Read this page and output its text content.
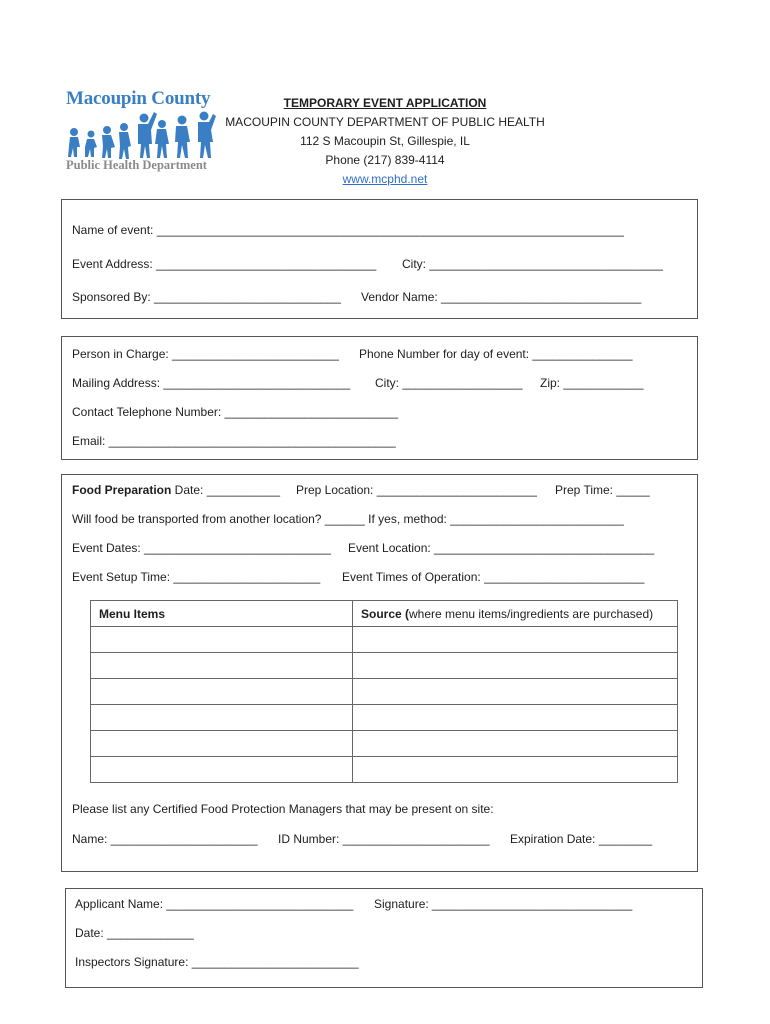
Macoupin County
Public Health Department
TEMPORARY EVENT APPLICATION
MACOUPIN COUNTY DEPARTMENT OF PUBLIC HEALTH
112 S Macoupin St, Gillespie, IL
Phone (217) 839-4114
www.mcphd.net
Name of event: ______________________________________________________________________
Event Address: _________________________________ City: ___________________________________
Sponsored By: ____________________________ Vendor Name: ______________________________
Person in Charge: _________________________ Phone Number for day of event: _______________
Mailing Address: ____________________________ City: __________________ Zip: ____________
Contact Telephone Number: __________________________
Email: ___________________________________________
Food Preparation Date: ___________ Prep Location: ________________________ Prep Time: _____
Will food be transported from another location? ______ If yes, method: __________________________
Event Dates: ____________________________ Event Location: _________________________________
Event Setup Time: ______________________ Event Times of Operation: ________________________
Menu Items	Source (where menu items/ingredients are purchased)

Please list any Certified Food Protection Managers that may be present on site:
Name: ______________________ ID Number: ______________________ Expiration Date: ________
Applicant Name: ____________________________ Signature: ______________________________
Date: _____________
Inspectors Signature: _________________________
